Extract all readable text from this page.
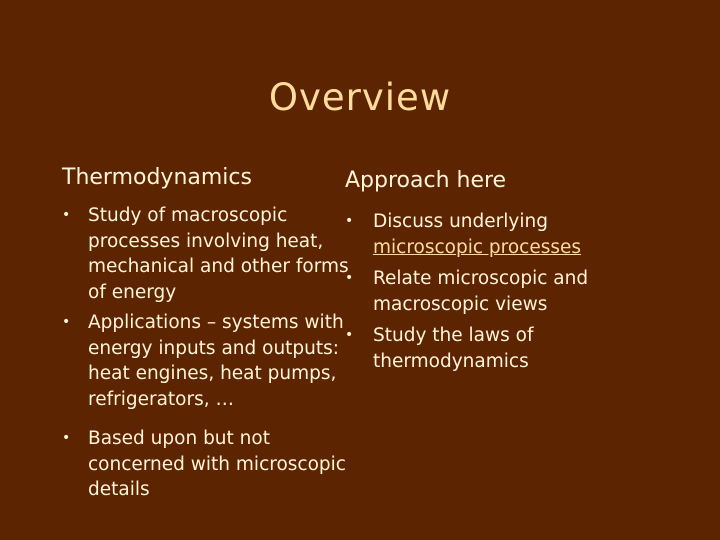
Overview
Thermodynamics
• Study of macroscopic processes involving heat, mechanical and other forms of energy
• Applications – systems with energy inputs and outputs: heat engines, heat pumps, refrigerators, …
• Based upon but not concerned with microscopic details
Approach here
•	Discuss underlying
microscopic processes
•	Relate microscopic and macroscopic views
•	Study the laws of thermodynamics
